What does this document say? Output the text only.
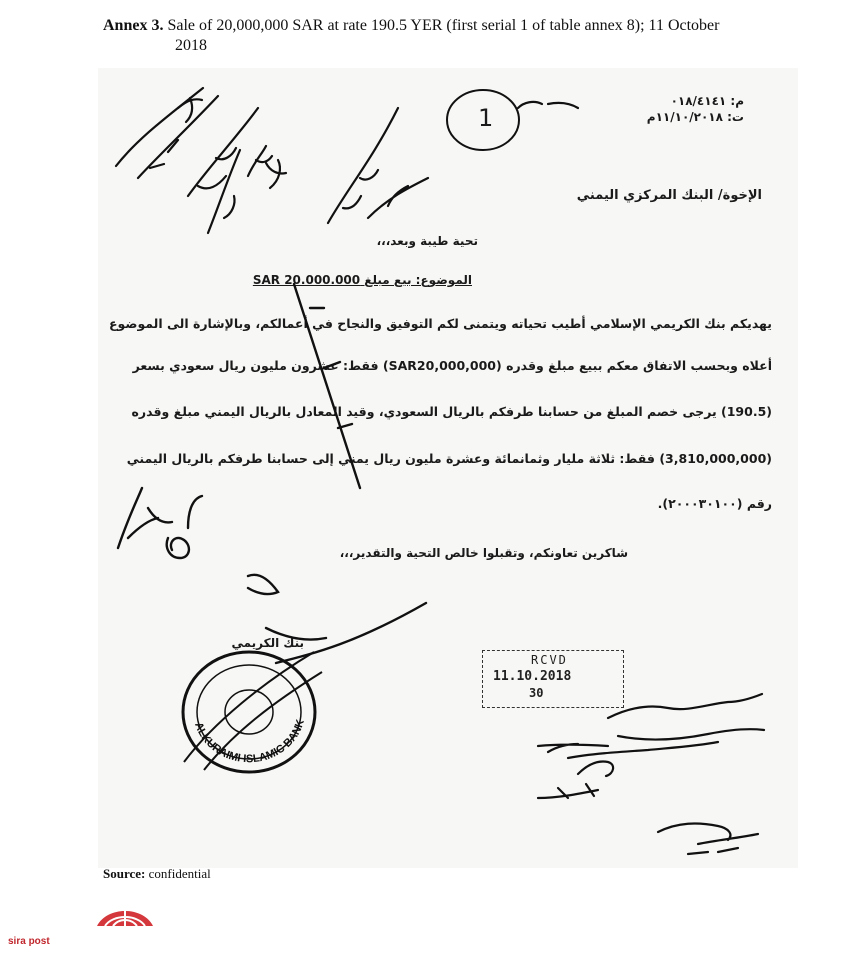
Annex 3. Sale of 20,000,000 SAR at rate 190.5 YER (first serial 1 of table annex 8); 11 October
2018
1
م: ٠١٨/٤١٤١
ت: ١١/١٠/٢٠١٨م
الإخوة/ البنك المركزي اليمني
تحية طيبة وبعد،،،
الموضوع: بيع مبلغ SAR 20.000.000
يهديكم بنك الكريمي الإسلامي أطيب تحياته ويتمنى لكم التوفيق والنجاح في أعمالكم، وبالإشارة الى الموضوع
أعلاه وبحسب الاتفاق معكم ببيع مبلغ وقدره (SAR20,000,000) فقط: عشرون مليون ريال سعودي بسعر
(190.5) يرجى خصم المبلغ من حسابنا طرفكم بالريال السعودي، وقيد المعادل بالريال اليمني مبلغ وقدره
(3,810,000,000) فقط: ثلاثة مليار وثمانمائة وعشرة مليون ريال يمني إلى حسابنا طرفكم بالريال اليمني
رقم (٢٠٠٠٣٠١٠٠).
شاكرين تعاونكم، وتقبلوا خالص التحية والتقدير،،،
بنك الكريمي
ALKURAIMI ISLAMIC BANK
RCVD
11.10.2018
30
Source: confidential
sira post
